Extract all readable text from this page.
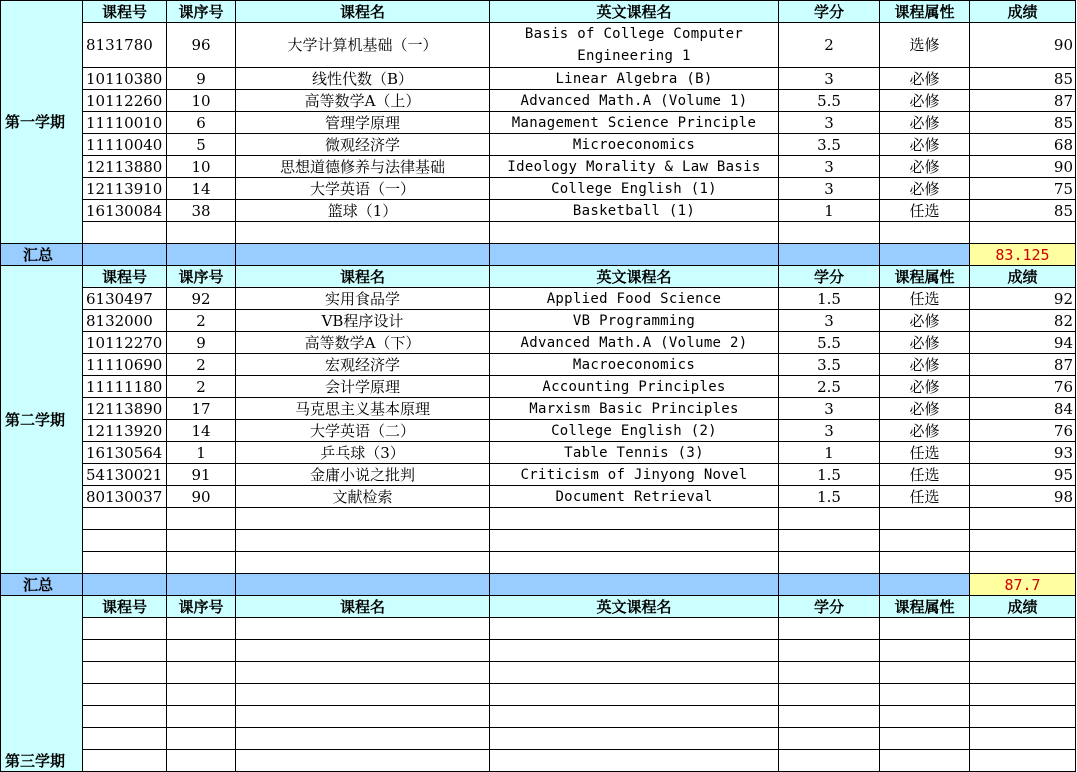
第一学期	课程号	课序号	课程名	英文课程名	学分	课程属性	成绩
	8131780	96	大学计算机基础（一）	Basis of College Computer Engineering 1	2	选修	90
	10110380	9	线性代数（B）	Linear Algebra (B)	3	必修	85
	10112260	10	高等数学A（上）	Advanced Math.A (Volume 1)	5.5	必修	87
	11110010	6	管理学原理	Management Science Principle	3	必修	85
	11110040	5	微观经济学	Microeconomics	3.5	必修	68
	12113880	10	思想道德修养与法律基础	Ideology Morality & Law Basis	3	必修	90
	12113910	14	大学英语（一）	College English (1)	3	必修	75
	16130084	38	篮球（1）	Basketball (1)	1	任选	85

汇总							83.125
第二学期	课程号	课序号	课程名	英文课程名	学分	课程属性	成绩
	6130497	92	实用食品学	Applied Food Science	1.5	任选	92
	8132000	2	VB程序设计	VB Programming	3	必修	82
	10112270	9	高等数学A（下）	Advanced Math.A (Volume 2)	5.5	必修	94
	11110690	2	宏观经济学	Macroeconomics	3.5	必修	87
	11111180	2	会计学原理	Accounting Principles	2.5	必修	76
	12113890	17	马克思主义基本原理	Marxism Basic Principles	3	必修	84
	12113920	14	大学英语（二）	College English (2)	3	必修	76
	16130564	1	乒乓球（3）	Table Tennis (3)	1	任选	93
	54130021	91	金庸小说之批判	Criticism of Jinyong Novel	1.5	任选	95
	80130037	90	文献检索	Document Retrieval	1.5	任选	98

汇总							87.7
第三学期	课程号	课序号	课程名	英文课程名	学分	课程属性	成绩
